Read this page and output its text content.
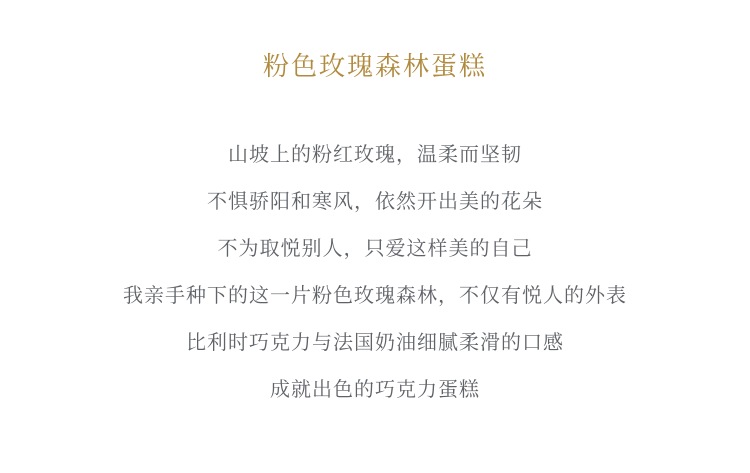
粉色玫瑰森林蛋糕
山坡上的粉红玫瑰，温柔而坚韧
不惧骄阳和寒风，依然开出美的花朵
不为取悦别人，只爱这样美的自己
我亲手种下的这一片粉色玫瑰森林，不仅有悦人的外表
比利时巧克力与法国奶油细腻柔滑的口感
成就出色的巧克力蛋糕
